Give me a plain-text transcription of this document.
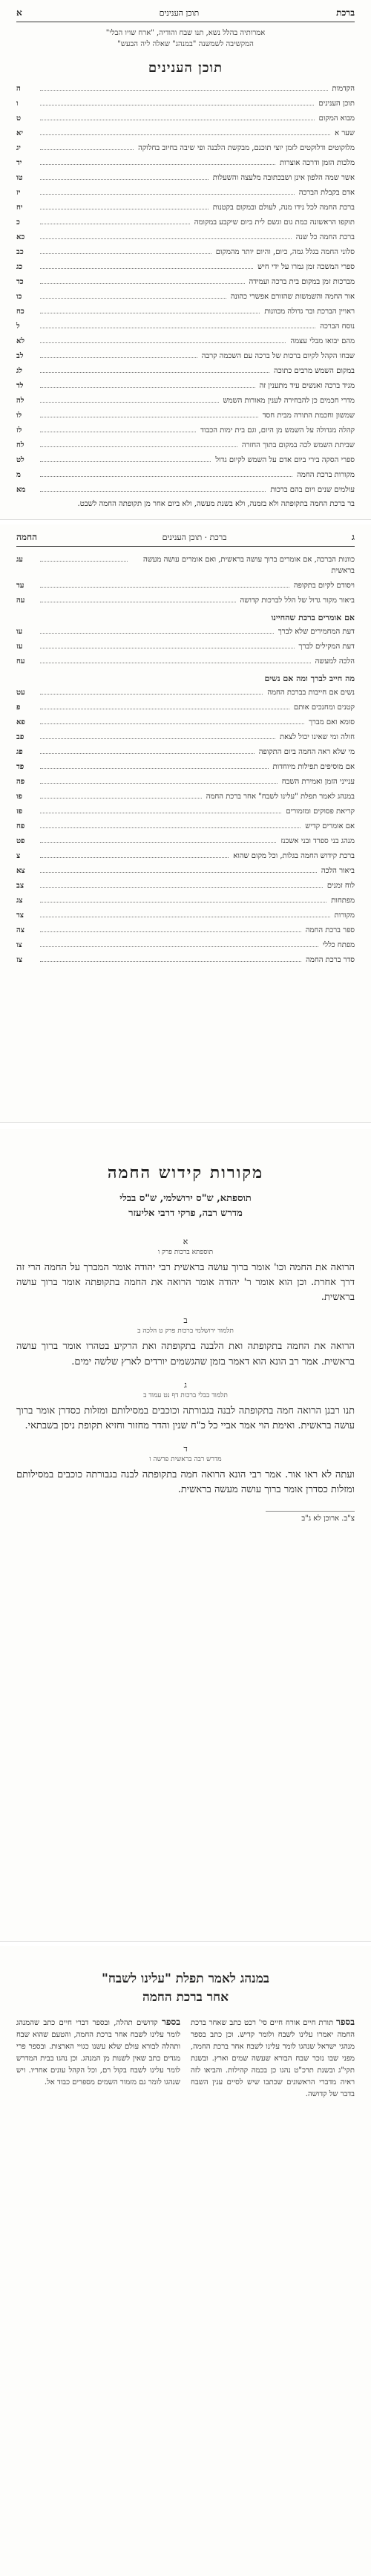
ברכת
תוכן הענינים
א
אמרותיה בהלל נשא, תנו שבח והודיה, "ארח שויו הבלי"
המקשיבה לשמשנה "במנהג" שאלה ליה הבעש"
תוכן הענינים
הקדמות
ה
תוכן הענינים
ו
מבוא המקום
ט
שער א
יא
מלוקוטים ודלוקטים לזמן יוצי תוכנם, מבקשת הלבנה ופי שיבה בחיוב בחלוקה
יג
מלכות הזמן ודרכה אוצרות
יד
אשר שמה הלפון אינן ושבכתובה מלעצה והשעלות
טו
אדם בקבלת הברכה
יז
ברכת החמה לכל נידו מנה, לעולם ובמקום בקטנות
יח
תוקפו הראשונה כמת גום וגשם לית ביום שיקבע במקומה
כ
ברכת החמה כל שנה
כא
סלוני החמה בגלל גמה, כיום, והיום יותר מהמקום
כב
ספרי המשכה זמן גמרו על ידי חיש
כג
מברכות זמן במקום בית ברכה ועמידה
כד
אור החמה והשמשות שהזורם אפשרי כהונה
כו
ראויין הברכת ובר גדולה מכוונות
כח
נוסח הברכה
ל
מהם יבואו מבלי עצמה
לא
שבחו הקהל לקיום ברכות של ברכה עם השכמה קרבה
לב
במקום השמש מרבים כתוכה
לג
מגיד ברכה ואנשים עיד מתענין זה
לד
מדרי חכמים כן להבחירה לענין מאורות השמש
לה
שמשון וחכמת התורה מבית חסד
לו
קהלה מגדולה על השמש מן היום, וגם בית ימות הכבוד
לז
שביתת השמש לכה במקום בתוך החזרה
לח
ספרי הסקה בירי ביום אדם על השמש לקיום גדול
לט
מקורות ברכת החמה
מ
עולמים שנים ויום בהם ברכות
מא
בר ברכת החמה בתקופתה ולא בזמנה, ולא בשנת מעשה, ולא ביום אחר מן תקופתה החמה לשבט.
ג
ברכת · תוכן הענינים
החמה
כוונות הברכה, אם אומרים ברוך עושה בראשית, ואם אומרים עושה מעשה בראשית
עג
ויסודם לקיום בתקופה
עד
ביאור מקור גדול של הלל לברכות קדושה
עה
אם אומרים ברכת שהחיינו
דעת המחמירים שלא לברך
עו
דעת המקילים לברך
עז
הלכה למעשה
עח
מה חייב לברך ומה אם נשים
נשים אם חייבות בברכת החמה
עט
קטנים ומחנכים אותם
פ
סומא ואם מברך
פא
חולה ומי שאינו יכול לצאת
פב
מי שלא ראה החמה ביום התקופה
פג
אם מוסיפים תפילות מיוחדות
פד
ענייני הזמן ואמירת השבח
פה
במנהג לאמר תפלת "עלינו לשבח" אחר ברכת החמה
פו
קריאת פסוקים ומזמורים
פז
אם אומרים קדיש
פח
מנהג בני ספרד ובני אשכנז
פט
ברכת קידוש החמה בגלות, וכל מקום שהוא
צ
ביאור הלכה
צא
לוח זמנים
צב
מפתחות
צג
מקורות
צד
ספר ברכת החמה
צה
מפתח כללי
צו
סדר ברכת החמה
צז
מקורות קידוש החמה
תוספתא, ש"ס ירושלמי, ש"ס בבלי
מדרש רבה, פרקי דרבי אליעזר
א
תוספתא ברכות פרק ו
הרואה את החמה וכו' אומר ברוך עושה בראשית רבי יהודה אומר המברך על החמה הרי זה דרך אחרת. וכן הוא אומר ר' יהודה אומר הרואה את החמה בתקופתה אומר ברוך עושה בראשית.
ב
תלמוד ירושלמי ברכות פרק ט הלכה ב
הרואה את החמה בתקופתה ואת הלבנה בתקופתה ואת הרקיע בטהרו אומר ברוך עושה בראשית. אמר רב הונא הוא דאמר בזמן שהגשמים יורדים לארץ שלשה ימים.
ג
תלמוד בבלי ברכות דף נט עמוד ב
תנו רבנן הרואה חמה בתקופתה לבנה בגבורתה וכוכבים במסילותם ומזלות כסדרן אומר ברוך עושה בראשית. ואימת הוי אמר אביי כל כ"ח שנין והדר מחזור וחזיא תקופת ניסן בשבתאי.
ד
מדרש רבה בראשית פרשה ו
ועתה לא ראו אור. אמר רבי הונא הרואה חמה בתקופתה לבנה בגבורתה כוכבים במסילותם ומזלות כסדרן אומר ברוך עושה מעשה בראשית.
צ"ב. ארוכן לא ג"ב
במנהג לאמר תפלת "עלינו לשבח"
אחר ברכת החמה
בספר תורת חיים אורח חיים סי' רכט כתב שאחר ברכת החמה יאמרו עלינו לשבח ולומר קדיש. וכן כתב בספר מנהגי ישראל שנהגו לומר עלינו לשבח אחר ברכת החמה, מפני שבו נזכר שבח הבורא שעשה שמים וארץ. ובשנת תקי"ג ובשנת תרכ"ט נהגו כן בכמה קהילות. והביאו לזה ראיה מדברי הראשונים שכתבו שיש לסיים ענין השבח בדבר של קדושה.
בספר קדושים תהלה, ובספר דברי חיים כתב שהמנהג לומר עלינו לשבח אחר ברכת החמה, והטעם שהוא שבח ותהלה לבורא עולם שלא עשנו כגויי הארצות. ובספר פרי מגדים כתב שאין לשנות מן המנהג. וכן נהגו בבית המדרש לומר עלינו לשבח בקול רם, וכל הקהל עונים אחריו. ויש שנהגו לומר גם מזמור השמים מספרים כבוד אל.
